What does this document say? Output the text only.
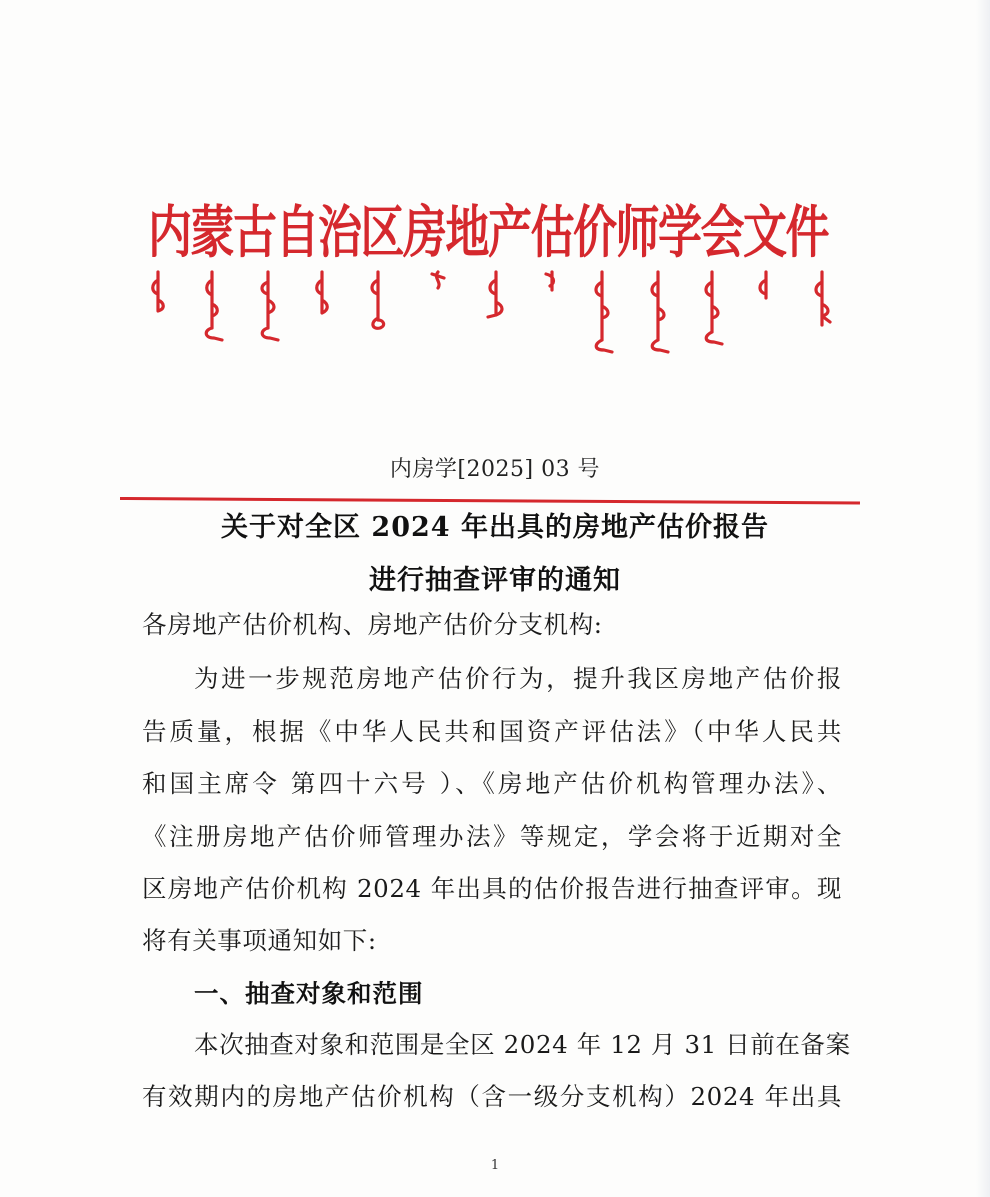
内蒙古自治区房地产估价师学会文件
内房学[2025] 03 号
关于对全区 2024 年出具的房地产估价报告
进行抽查评审的通知
各房地产估价机构、房地产估价分支机构:
为进一步规范房地产估价行为，提升我区房地产估价报
告质量，根据《中华人民共和国资产评估法》（中华人民共
和国主席令 第四十六号 ）、《房地产估价机构管理办法》、
《注册房地产估价师管理办法》等规定，学会将于近期对全
区房地产估价机构 2024 年出具的估价报告进行抽查评审。现
将有关事项通知如下:
一、抽查对象和范围
本次抽查对象和范围是全区 2024 年 12 月 31 日前在备案
有效期内的房地产估价机构（含一级分支机构）2024 年出具
1
